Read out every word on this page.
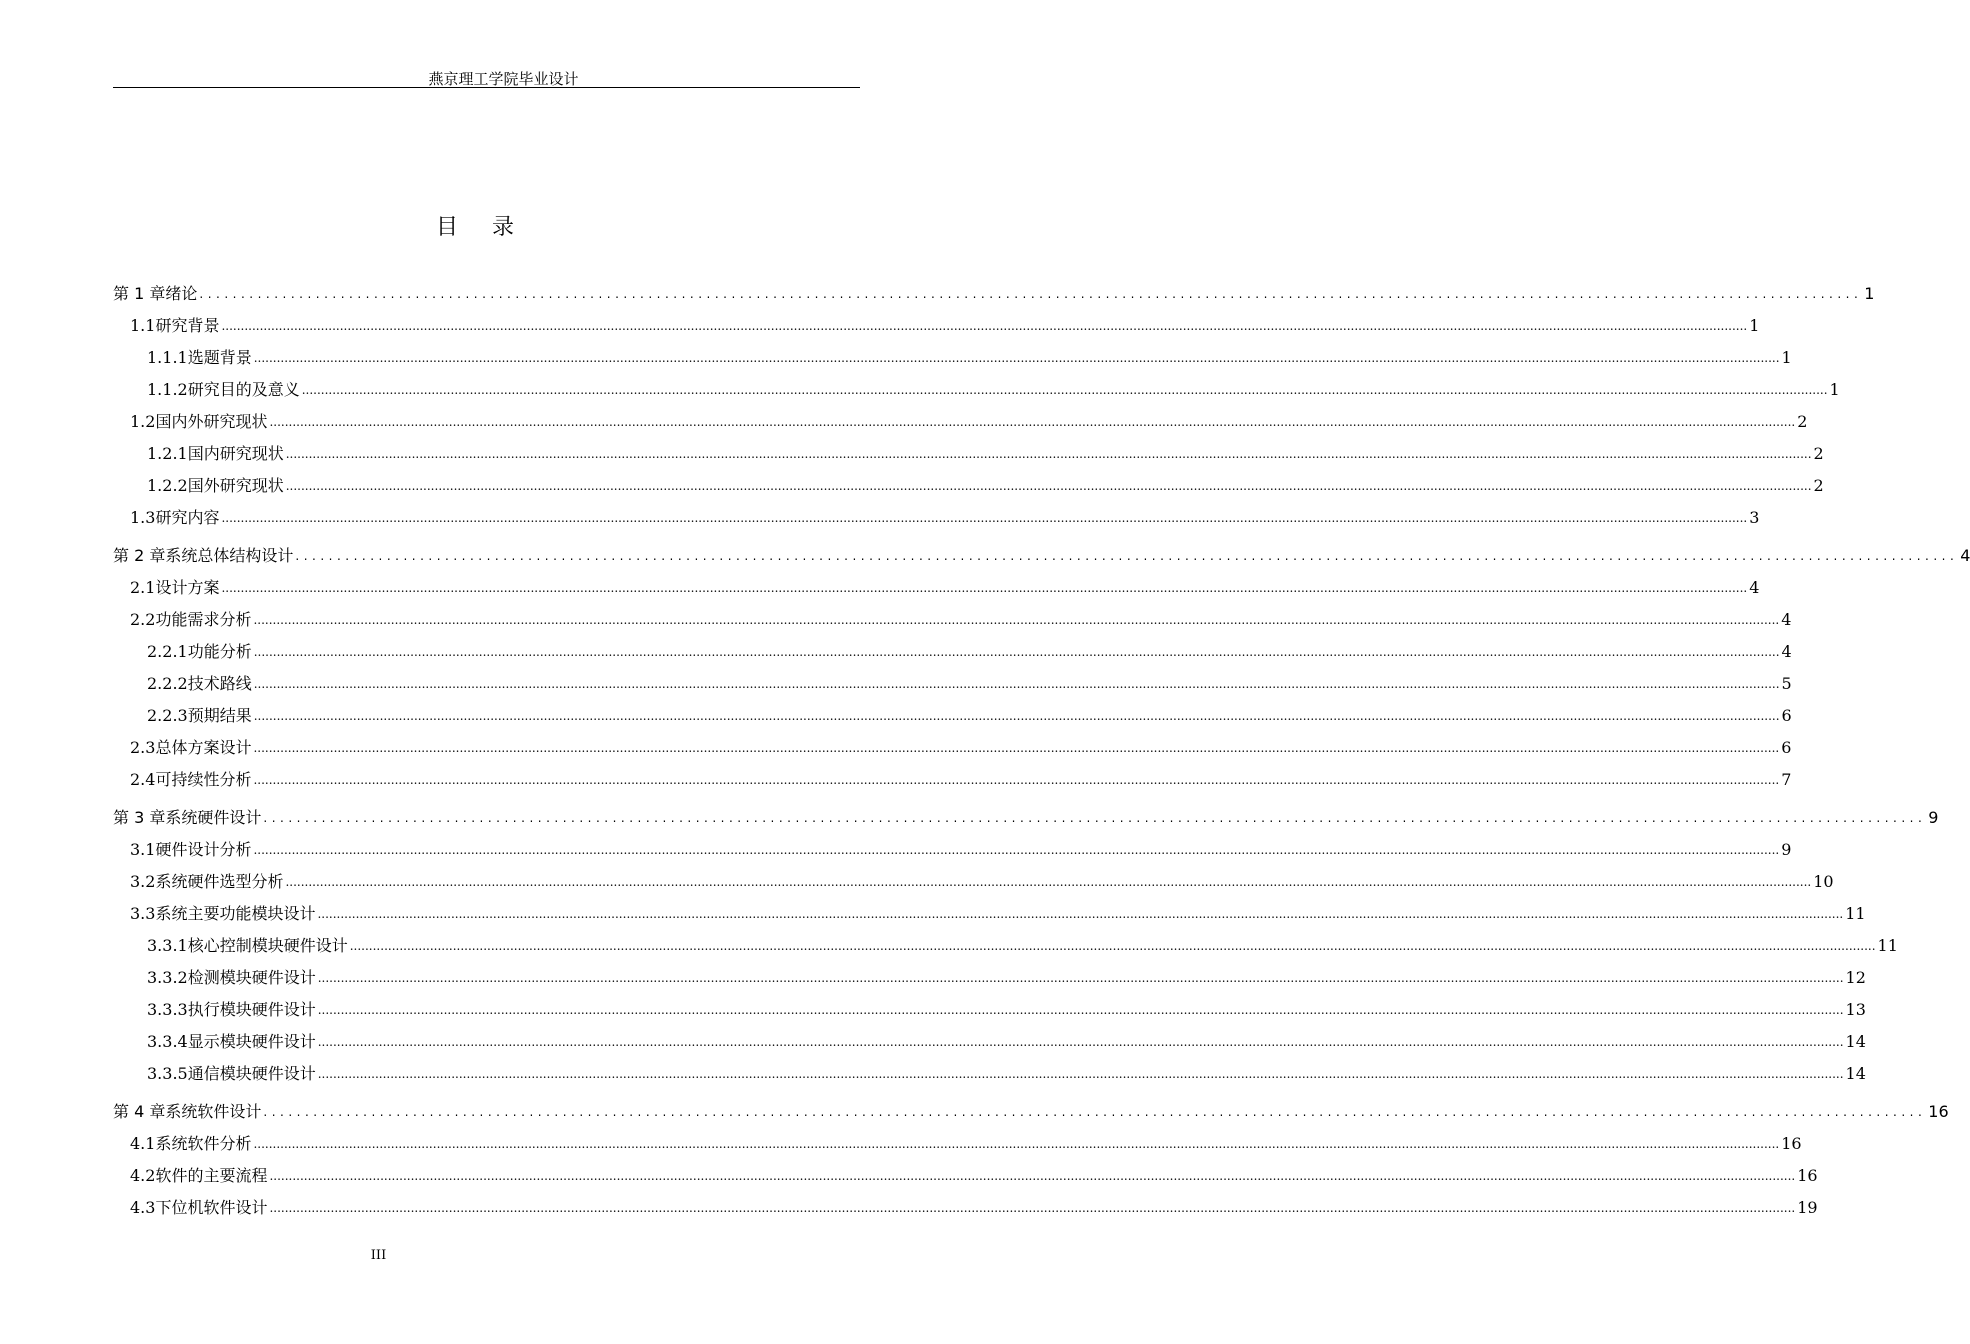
燕京理工学院毕业设计
目 录
第 1 章 绪论 ........................................................................................................................................................................................................ 1
1.1 研究背景 ................................................................................................................................................................................................................................................................................................................................................................................................................ 1
1.1.1 选题背景 ................................................................................................................................................................................................................................................................................................................................................................................................................ 1
1.1.2 研究目的及意义 ................................................................................................................................................................................................................................................................................................................................................................................................................ 1
1.2 国内外研究现状 ................................................................................................................................................................................................................................................................................................................................................................................................................ 2
1.2.1 国内研究现状 ................................................................................................................................................................................................................................................................................................................................................................................................................ 2
1.2.2 国外研究现状 ................................................................................................................................................................................................................................................................................................................................................................................................................ 2
1.3 研究内容 ................................................................................................................................................................................................................................................................................................................................................................................................................ 3
第 2 章 系统总体结构设计 ........................................................................................................................................................................................................ 4
2.1 设计方案 ................................................................................................................................................................................................................................................................................................................................................................................................................ 4
2.2 功能需求分析 ................................................................................................................................................................................................................................................................................................................................................................................................................ 4
2.2.1 功能分析 ................................................................................................................................................................................................................................................................................................................................................................................................................ 4
2.2.2 技术路线 ................................................................................................................................................................................................................................................................................................................................................................................................................ 5
2.2.3 预期结果 ................................................................................................................................................................................................................................................................................................................................................................................................................ 6
2.3 总体方案设计 ................................................................................................................................................................................................................................................................................................................................................................................................................ 6
2.4 可持续性分析 ................................................................................................................................................................................................................................................................................................................................................................................................................ 7
第 3 章 系统硬件设计 ........................................................................................................................................................................................................ 9
3.1 硬件设计分析 ................................................................................................................................................................................................................................................................................................................................................................................................................ 9
3.2 系统硬件选型分析 ................................................................................................................................................................................................................................................................................................................................................................................................................ 10
3.3 系统主要功能模块设计 ................................................................................................................................................................................................................................................................................................................................................................................................................ 11
3.3.1 核心控制模块硬件设计 ................................................................................................................................................................................................................................................................................................................................................................................................................ 11
3.3.2 检测模块硬件设计 ................................................................................................................................................................................................................................................................................................................................................................................................................ 12
3.3.3 执行模块硬件设计 ................................................................................................................................................................................................................................................................................................................................................................................................................ 13
3.3.4 显示模块硬件设计 ................................................................................................................................................................................................................................................................................................................................................................................................................ 14
3.3.5 通信模块硬件设计 ................................................................................................................................................................................................................................................................................................................................................................................................................ 14
第 4 章 系统软件设计 ........................................................................................................................................................................................................ 16
4.1 系统软件分析 ................................................................................................................................................................................................................................................................................................................................................................................................................ 16
4.2 软件的主要流程 ................................................................................................................................................................................................................................................................................................................................................................................................................ 16
4.3 下位机软件设计 ................................................................................................................................................................................................................................................................................................................................................................................................................ 19
III
